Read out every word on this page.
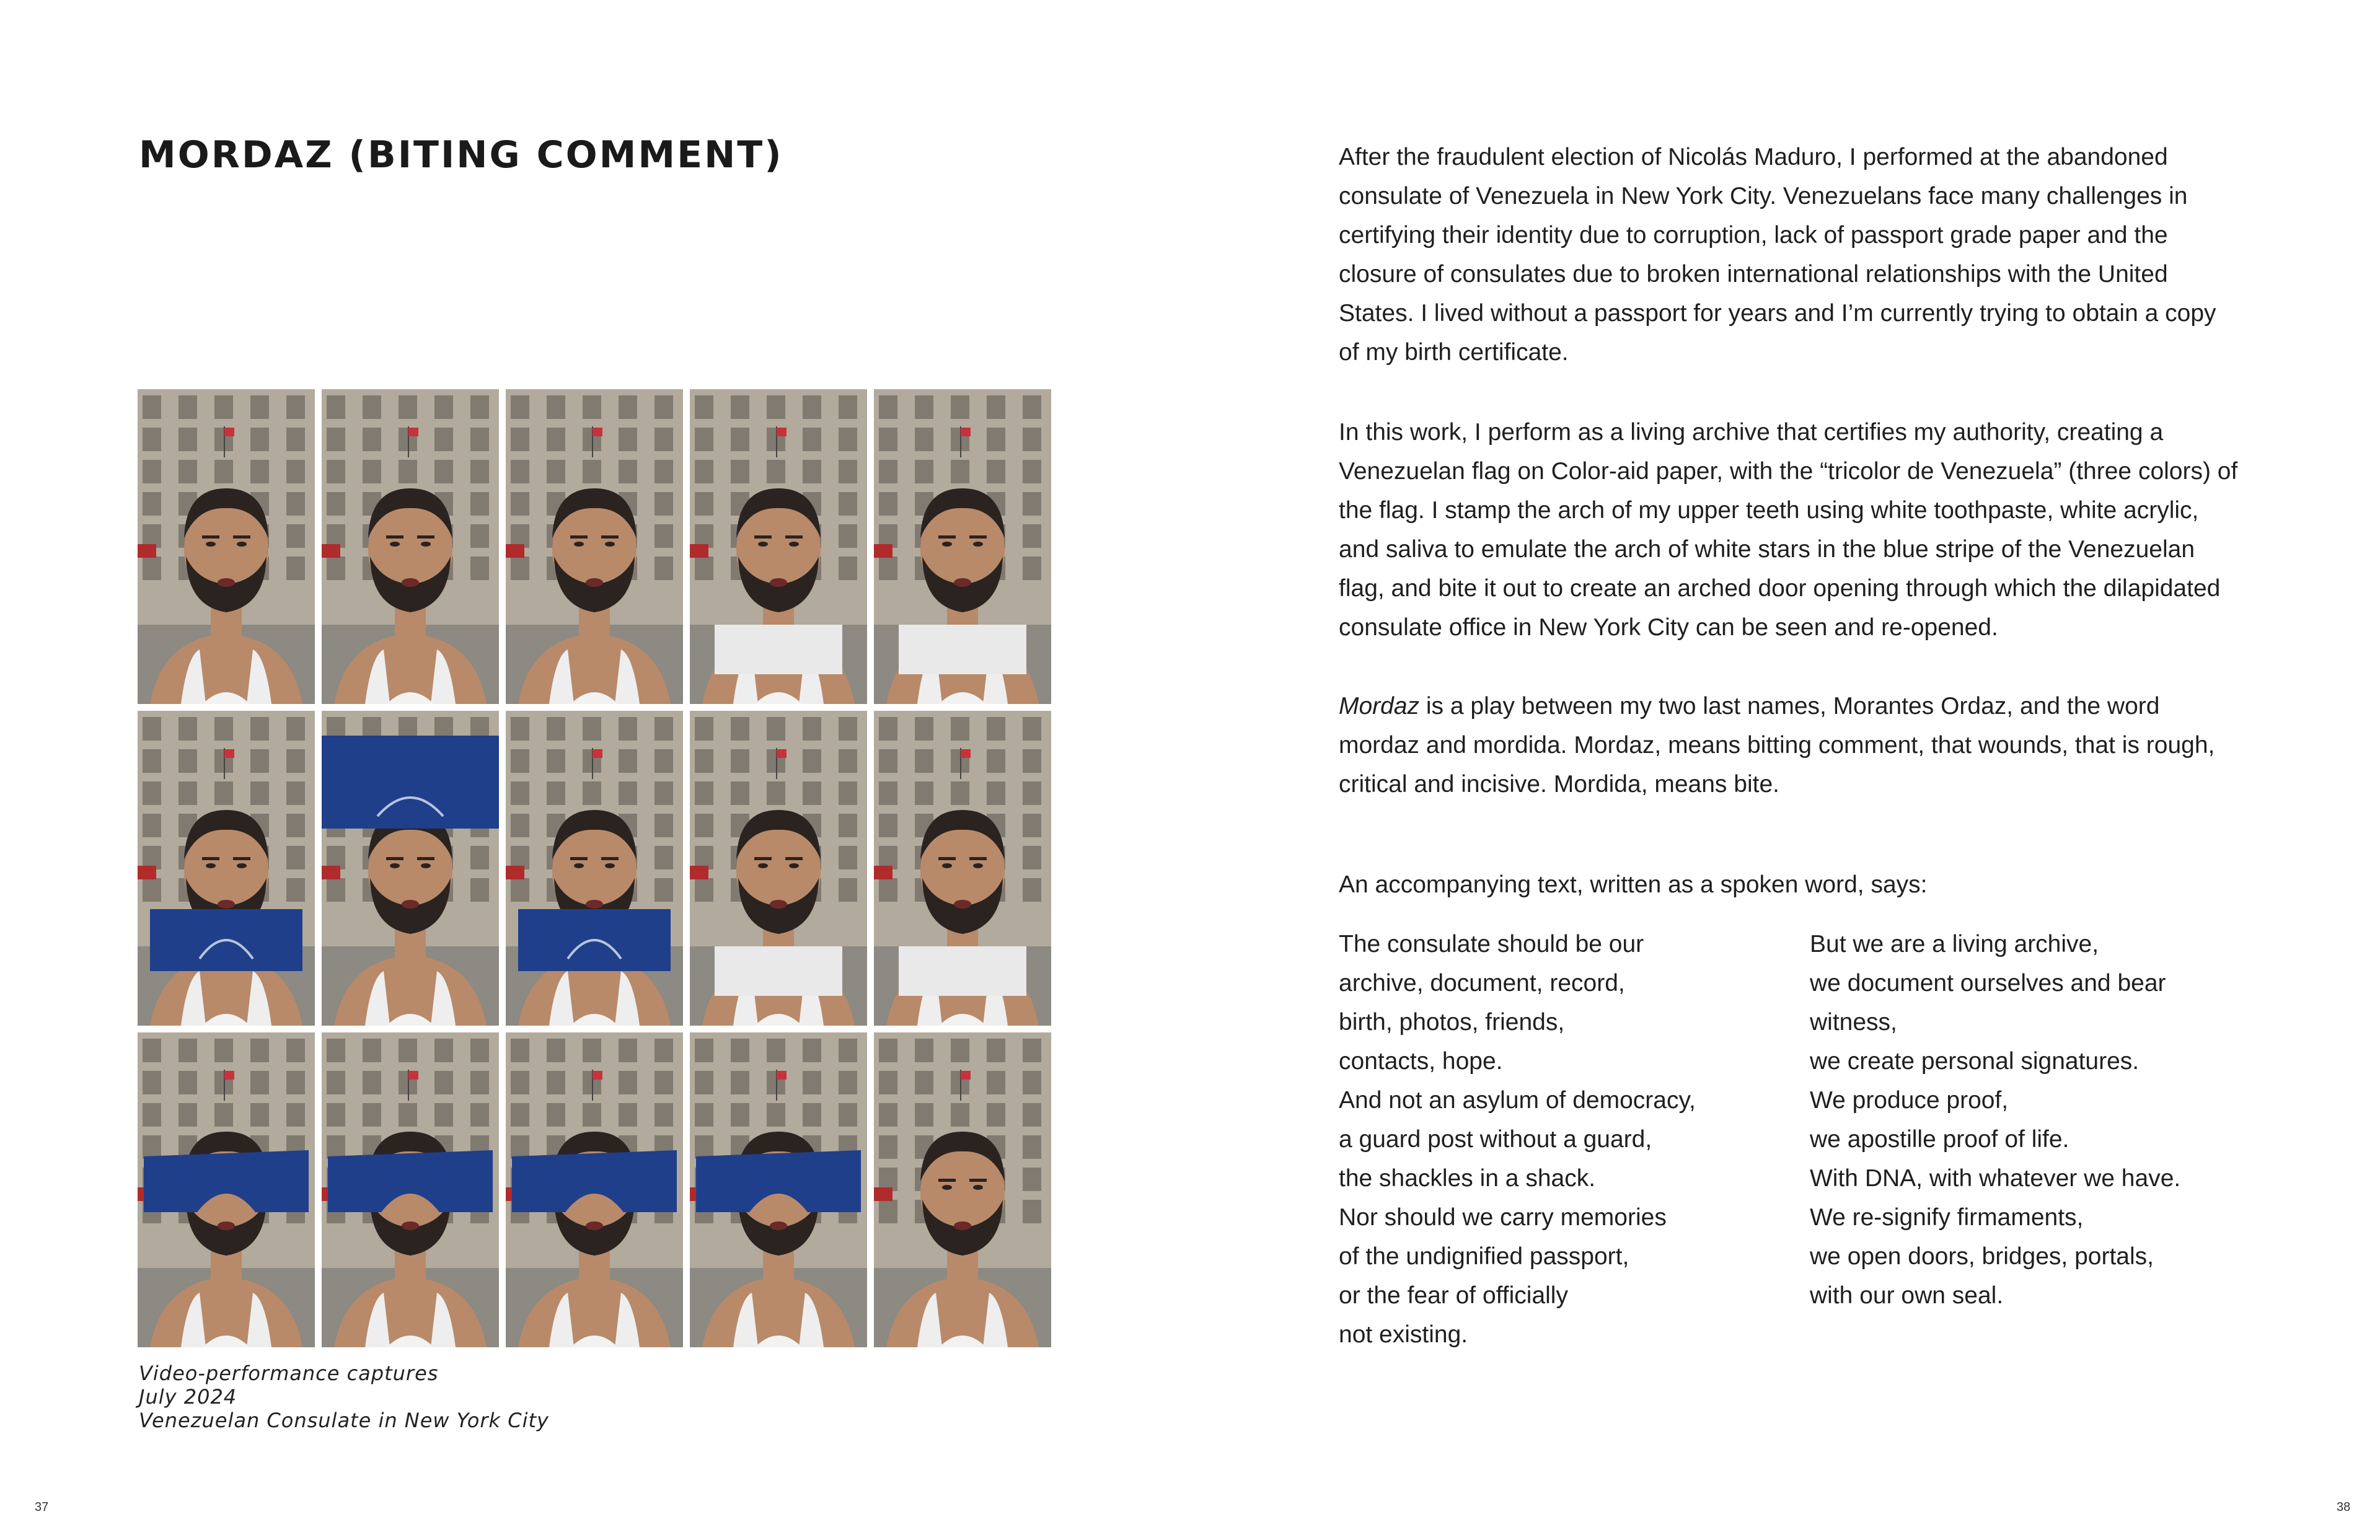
MORDAZ (BITING COMMENT)
Video-performance captures
July 2024
Venezuelan Consulate in New York City

After the fraudulent election of Nicolás Maduro, I performed at the abandoned
consulate of Venezuela in New York City. Venezuelans face many challenges in
certifying their identity due to corruption, lack of passport grade paper and the
closure of consulates due to broken international relationships with the United
States. I lived without a passport for years and I’m currently trying to obtain a copy
of my birth certificate.

In this work, I perform as a living archive that certifies my authority, creating a
Venezuelan flag on Color-aid paper, with the “tricolor de Venezuela” (three colors) of
the flag. I stamp the arch of my upper teeth using white toothpaste, white acrylic,
and saliva to emulate the arch of white stars in the blue stripe of the Venezuelan
flag, and bite it out to create an arched door opening through which the dilapidated
consulate office in New York City can be seen and re-opened.

Mordaz is a play between my two last names, Morantes Ordaz, and the word
mordaz and mordida. Mordaz, means bitting comment, that wounds, that is rough,
critical and incisive. Mordida, means bite.

An accompanying text, written as a spoken word, says:

The consulate should be our
archive, document, record,
birth, photos, friends,
contacts, hope.
And not an asylum of democracy,
a guard post without a guard,
the shackles in a shack.
Nor should we carry memories
of the undignified passport,
or the fear of officially
not existing.
But we are a living archive,
we document ourselves and bear
witness,
we create personal signatures.
We produce proof,
we apostille proof of life.
With DNA, with whatever we have.
We re-signify firmaments,
we open doors, bridges, portals,
with our own seal.
37	38
